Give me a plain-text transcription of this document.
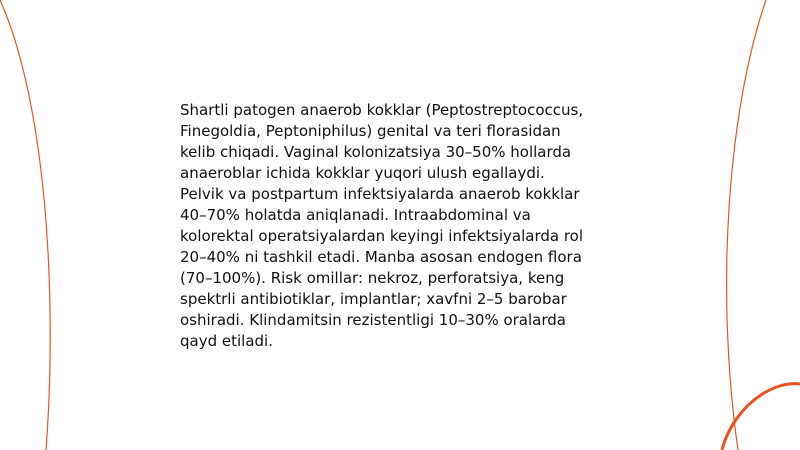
Shartli patogen anaerob kokklar (Peptostreptococcus,
Finegoldia, Peptoniphilus) genital va teri florasidan
kelib chiqadi. Vaginal kolonizatsiya 30–50% hollarda
anaeroblar ichida kokklar yuqori ulush egallaydi.
Pelvik va postpartum infektsiyalarda anaerob kokklar
40–70% holatda aniqlanadi. Intraabdominal va
kolorektal operatsiyalardan keyingi infektsiyalarda rol
20–40% ni tashkil etadi. Manba asosan endogen flora
(70–100%). Risk omillar: nekroz, perforatsiya, keng
spektrli antibiotiklar, implantlar; xavfni 2–5 barobar
oshiradi. Klindamitsin rezistentligi 10–30% oralarda
qayd etiladi.
